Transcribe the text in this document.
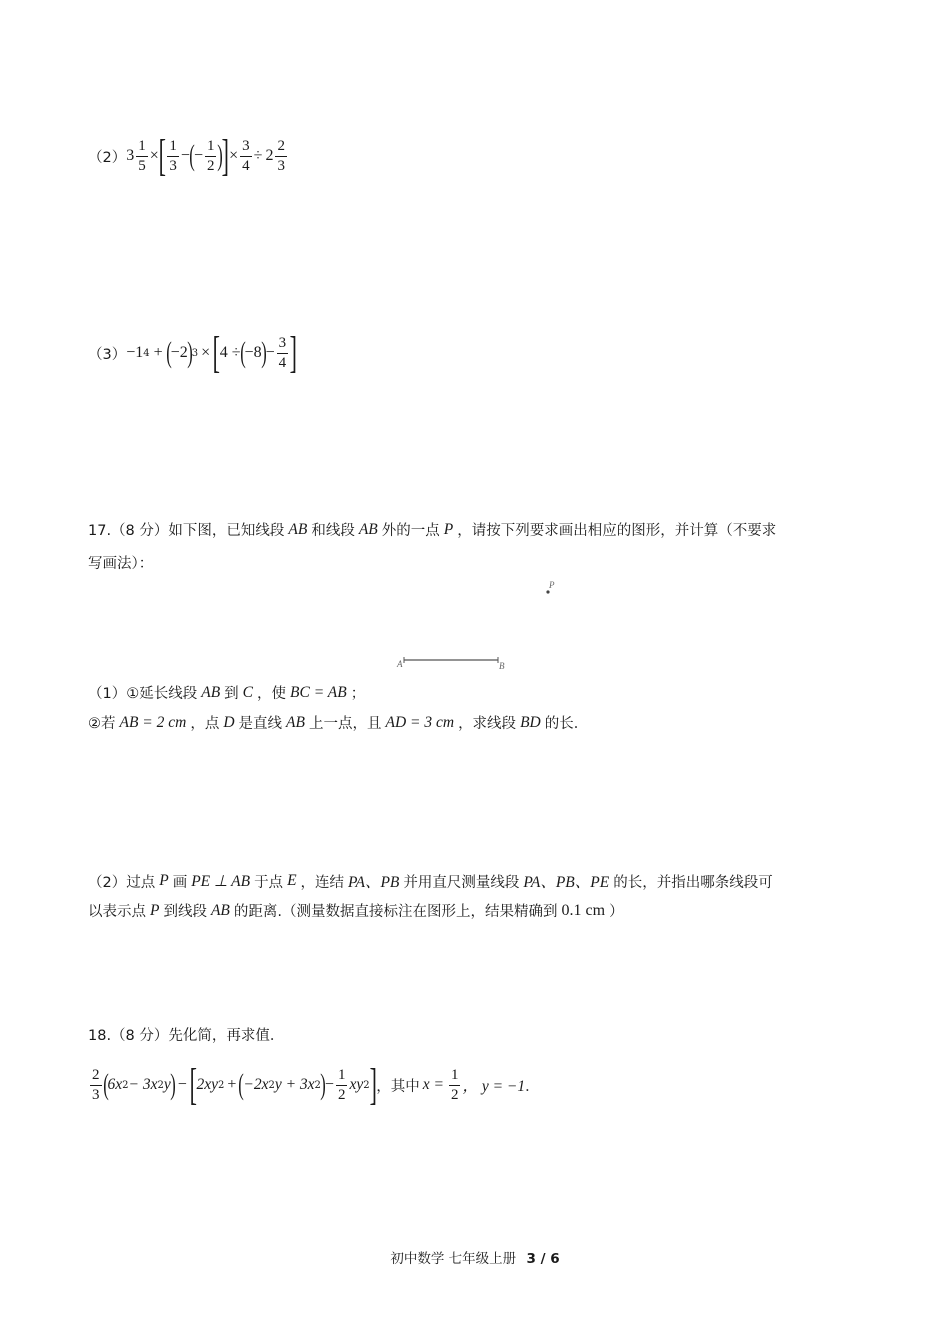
（2） $3 \frac{1}{5}$ × [ $\frac{1}{3}$ − ( − $\frac{1}{2}$ )
] × $\frac{3}{4} \div 2 \frac{2}{3}$
（3） −1 4 + ( −2 ) 3 × [ 4 ÷ ( −8 ) − $\frac{3}{4}$ ]
17.（8 分）如下图，已知线段 AB 和线段 AB 外的一点 P ，请按下列要求画出相应的图形，并计算（不要求
写画法）：
P
A	B
（1）①延长线段 AB 到 C ，使 BC = AB ；
②若 AB = 2 cm ，点 D 是直线 AB 上一点，且 AD = 3 cm ，求线段 BD 的长．
（2）过点 P 画 PE ⊥ AB 于点 E ，连结 PA、PB 并用直尺测量线段 PA、PB、PE 的长，并指出哪条线段可
以表示点 P 到线段 AB 的距离.（测量数据直接标注在图形上，结果精确到 0.1 cm ）
18.（8 分）先化简，再求值．
$\frac{2}{3}$ ( 6x 2 − 3x 2 y ) − [ 2xy 2 + ( −2x 2 y + 3x 2 ) − $\frac{1}{2}$ xy 2 ] ，其中 $x = \frac{1}{2}$ ， y = −1 ．
初中数学 七年级上册 3 / 6
